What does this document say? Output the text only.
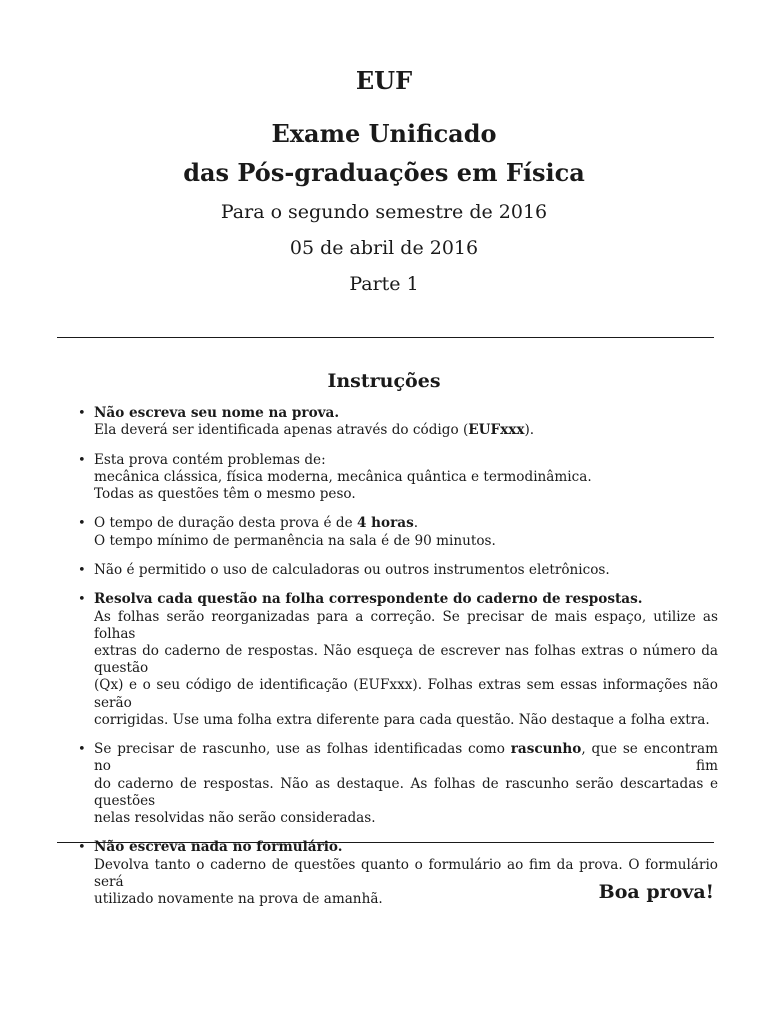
EUF
Exame Unificado
das Pós-graduações em Física
Para o segundo semestre de 2016
05 de abril de 2016
Parte 1
Instruções
• Não escreva seu nome na prova.
Ela deverá ser identificada apenas através do código (EUFxxx).
• Esta prova contém problemas de:
mecânica clássica, física moderna, mecânica quântica e termodinâmica.
Todas as questões têm o mesmo peso.
• O tempo de duração desta prova é de 4 horas.
O tempo mínimo de permanência na sala é de 90 minutos.
• Não é permitido o uso de calculadoras ou outros instrumentos eletrônicos.
• Resolva cada questão na folha correspondente do caderno de respostas.
As folhas serão reorganizadas para a correção. Se precisar de mais espaço, utilize as folhas
extras do caderno de respostas. Não esqueça de escrever nas folhas extras o número da questão
(Qx) e o seu código de identificação (EUFxxx). Folhas extras sem essas informações não serão
corrigidas. Use uma folha extra diferente para cada questão. Não destaque a folha extra.
• Se precisar de rascunho, use as folhas identificadas como rascunho, que se encontram no fim
do caderno de respostas. Não as destaque. As folhas de rascunho serão descartadas e questões
nelas resolvidas não serão consideradas.
• Não escreva nada no formulário.
Devolva tanto o caderno de questões quanto o formulário ao fim da prova. O formulário será
utilizado novamente na prova de amanhã.	Boa prova!
